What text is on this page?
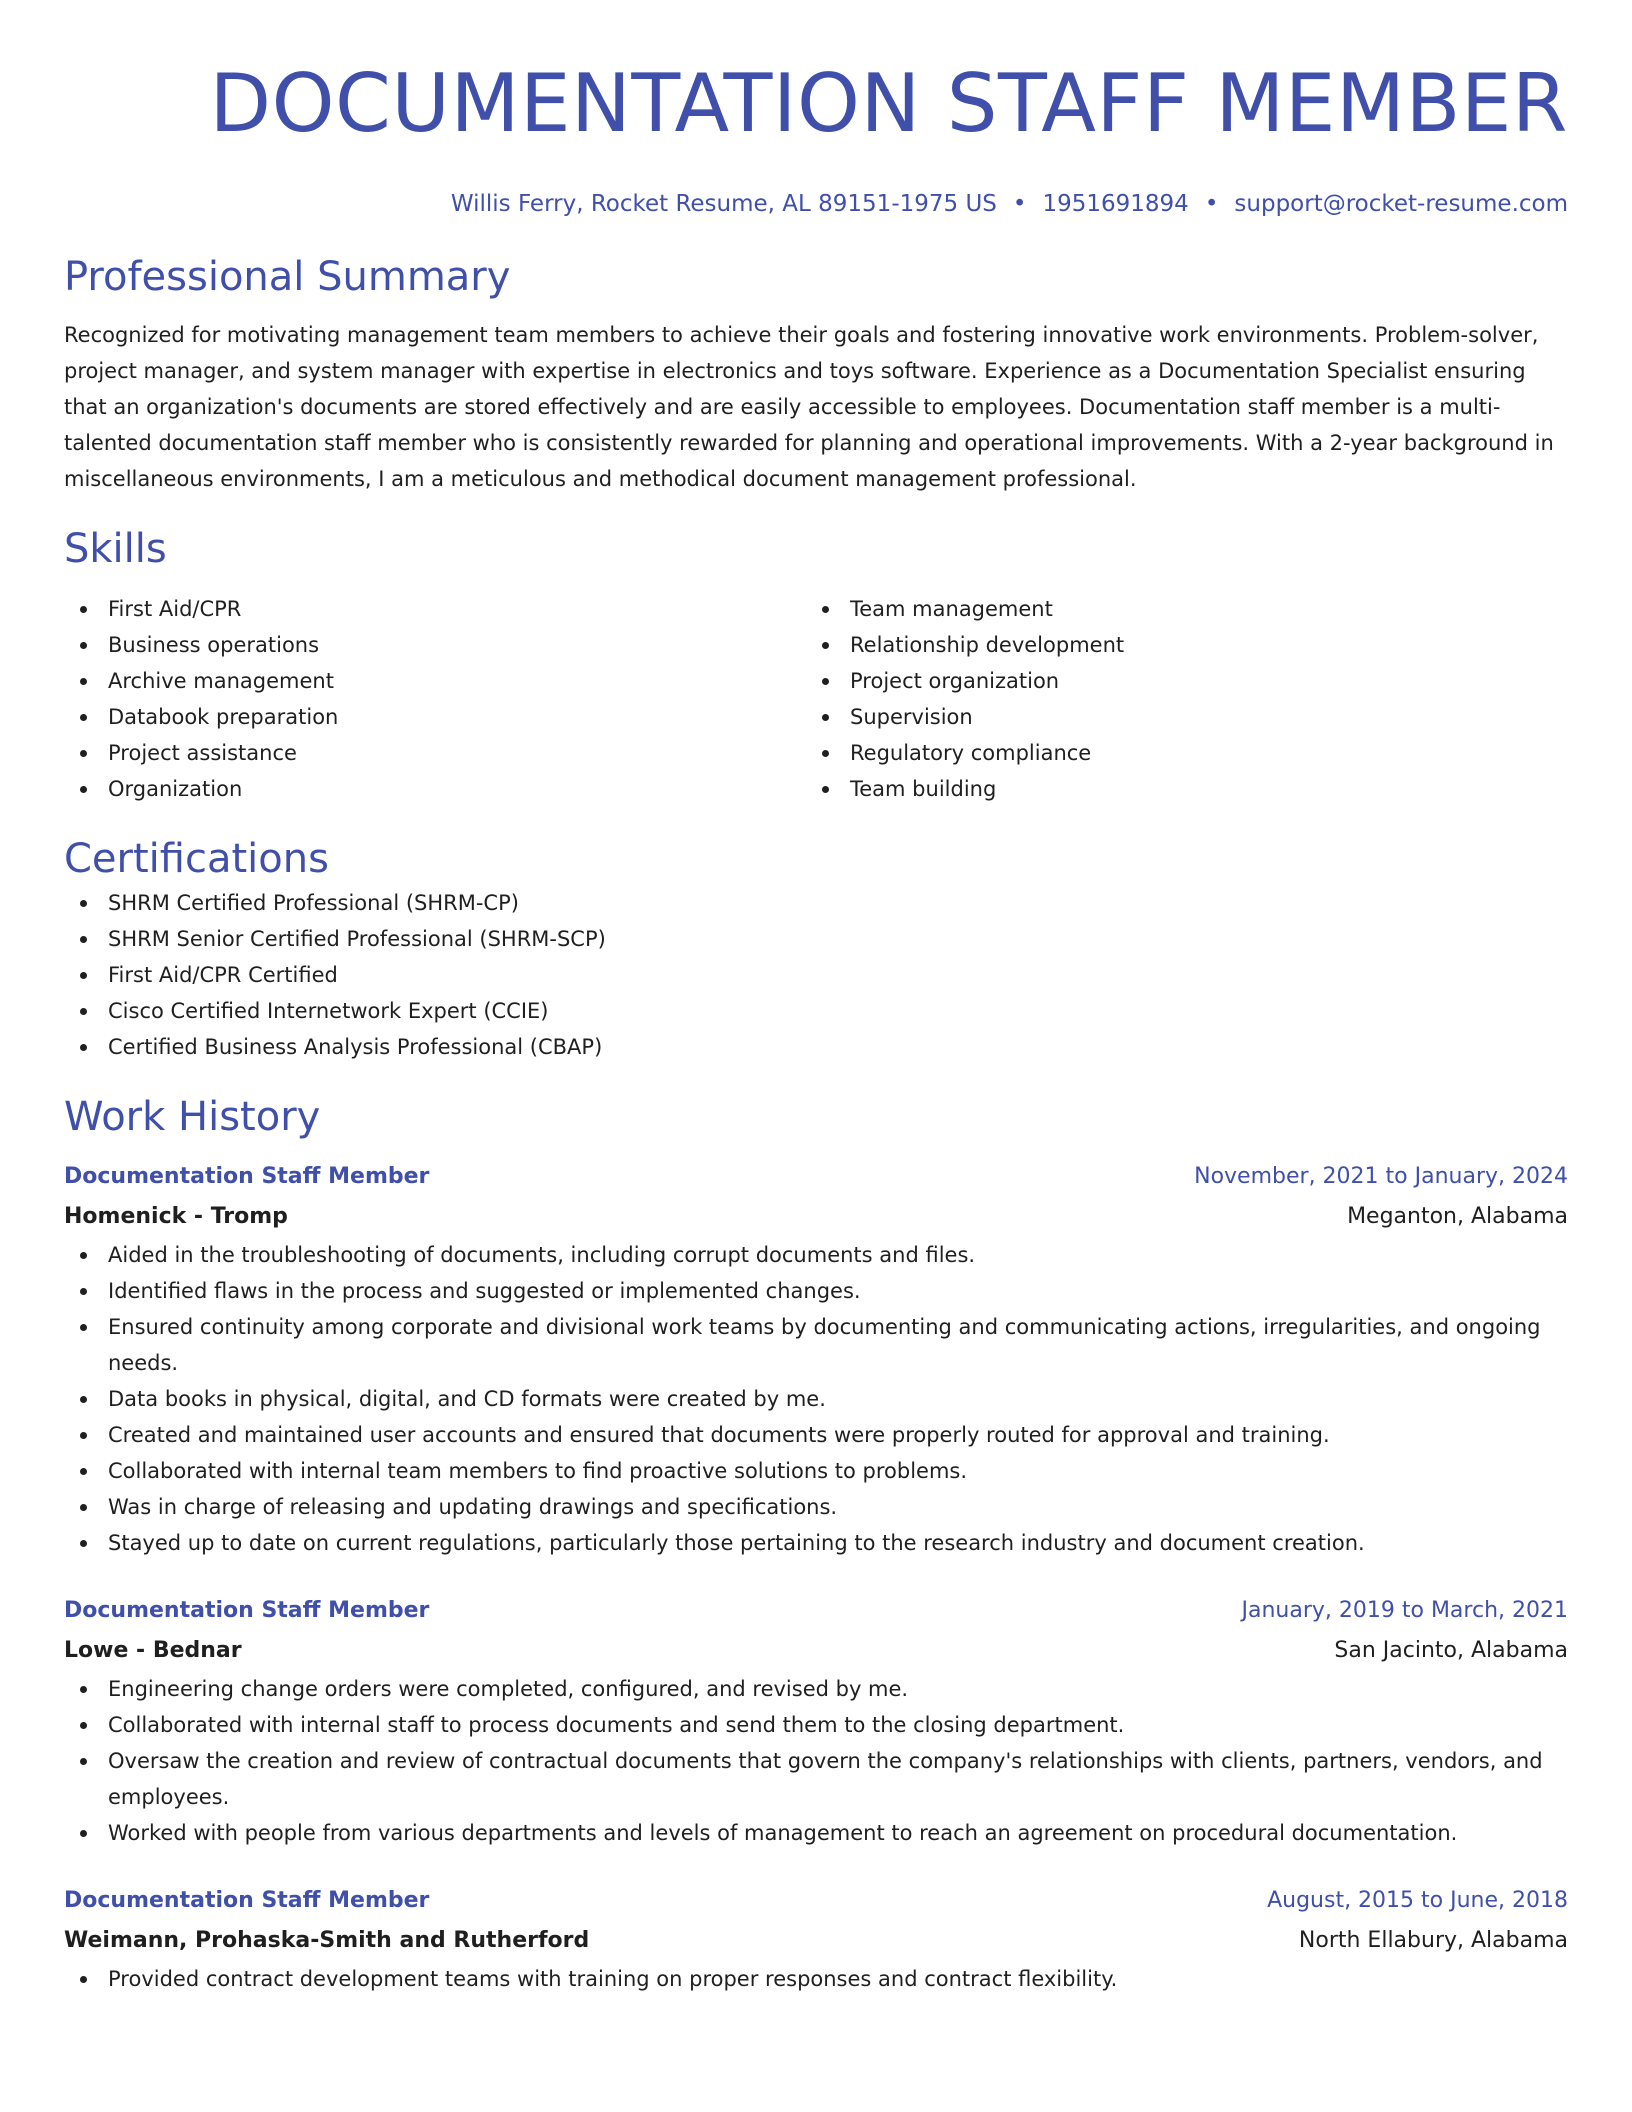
DOCUMENTATION STAFF MEMBER
Willis Ferry, Rocket Resume, AL 89151-1975 US • 1951691894 • support@rocket-resume.com
Professional Summary
Recognized for motivating management team members to achieve their goals and fostering innovative work environments. Problem-solver, project manager, and system manager with expertise in electronics and toys software. Experience as a Documentation Specialist ensuring that an organization's documents are stored effectively and are easily accessible to employees. Documentation staff member is a multi-talented documentation staff member who is consistently rewarded for planning and operational improvements. With a 2-year background in miscellaneous environments, I am a meticulous and methodical document management professional.
Skills
First Aid/CPR
Business operations
Archive management
Databook preparation
Project assistance
Organization
Team management
Relationship development
Project organization
Supervision
Regulatory compliance
Team building
Certifications
SHRM Certified Professional (SHRM-CP)
SHRM Senior Certified Professional (SHRM-SCP)
First Aid/CPR Certified
Cisco Certified Internetwork Expert (CCIE)
Certified Business Analysis Professional (CBAP)
Work History
Documentation Staff Member	November, 2021 to January, 2024
Homenick - Tromp	Meganton, Alabama
Aided in the troubleshooting of documents, including corrupt documents and files.
Identified flaws in the process and suggested or implemented changes.
Ensured continuity among corporate and divisional work teams by documenting and communicating actions, irregularities, and ongoing needs.
Data books in physical, digital, and CD formats were created by me.
Created and maintained user accounts and ensured that documents were properly routed for approval and training.
Collaborated with internal team members to find proactive solutions to problems.
Was in charge of releasing and updating drawings and specifications.
Stayed up to date on current regulations, particularly those pertaining to the research industry and document creation.
Documentation Staff Member	January, 2019 to March, 2021
Lowe - Bednar	San Jacinto, Alabama
Engineering change orders were completed, configured, and revised by me.
Collaborated with internal staff to process documents and send them to the closing department.
Oversaw the creation and review of contractual documents that govern the company's relationships with clients, partners, vendors, and employees.
Worked with people from various departments and levels of management to reach an agreement on procedural documentation.
Documentation Staff Member	August, 2015 to June, 2018
Weimann, Prohaska-Smith and Rutherford	North Ellabury, Alabama
Provided contract development teams with training on proper responses and contract flexibility.
